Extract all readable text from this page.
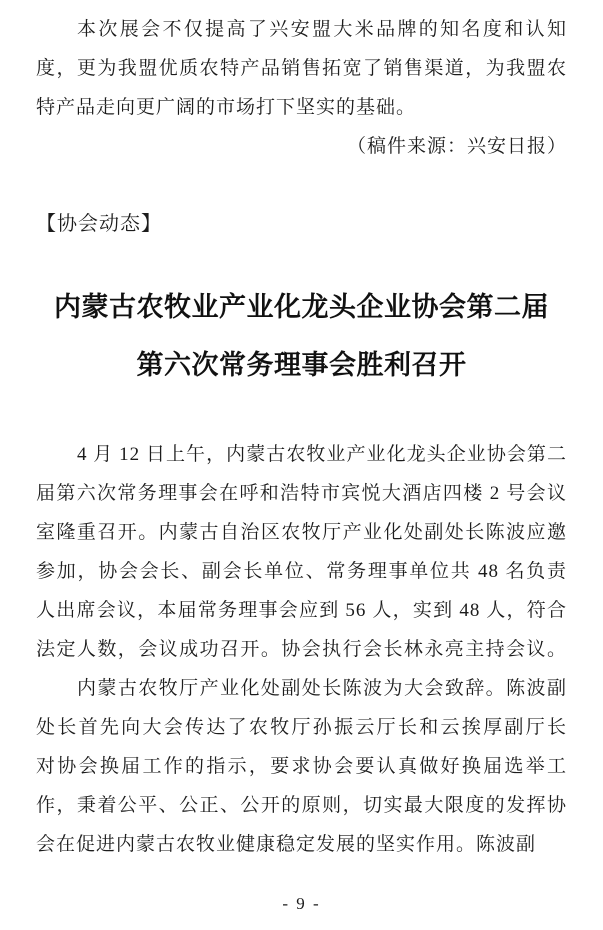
本次展会不仅提高了兴安盟大米品牌的知名度和认知
度，更为我盟优质农特产品销售拓宽了销售渠道，为我盟农
特产品走向更广阔的市场打下坚实的基础。
（稿件来源：兴安日报）
【协会动态】
内蒙古农牧业产业化龙头企业协会第二届
第六次常务理事会胜利召开
4 月 12 日上午，内蒙古农牧业产业化龙头企业协会第二
届第六次常务理事会在呼和浩特市宾悦大酒店四楼 2 号会议
室隆重召开。内蒙古自治区农牧厅产业化处副处长陈波应邀
参加，协会会长、副会长单位、常务理事单位共 48 名负责
人出席会议，本届常务理事会应到 56 人，实到 48 人，符合
法定人数，会议成功召开。协会执行会长林永亮主持会议。
内蒙古农牧厅产业化处副处长陈波为大会致辞。陈波副
处长首先向大会传达了农牧厅孙振云厅长和云挨厚副厅长
对协会换届工作的指示，要求协会要认真做好换届选举工
作，秉着公平、公正、公开的原则，切实最大限度的发挥协
会在促进内蒙古农牧业健康稳定发展的坚实作用。陈波副
- 9 -
